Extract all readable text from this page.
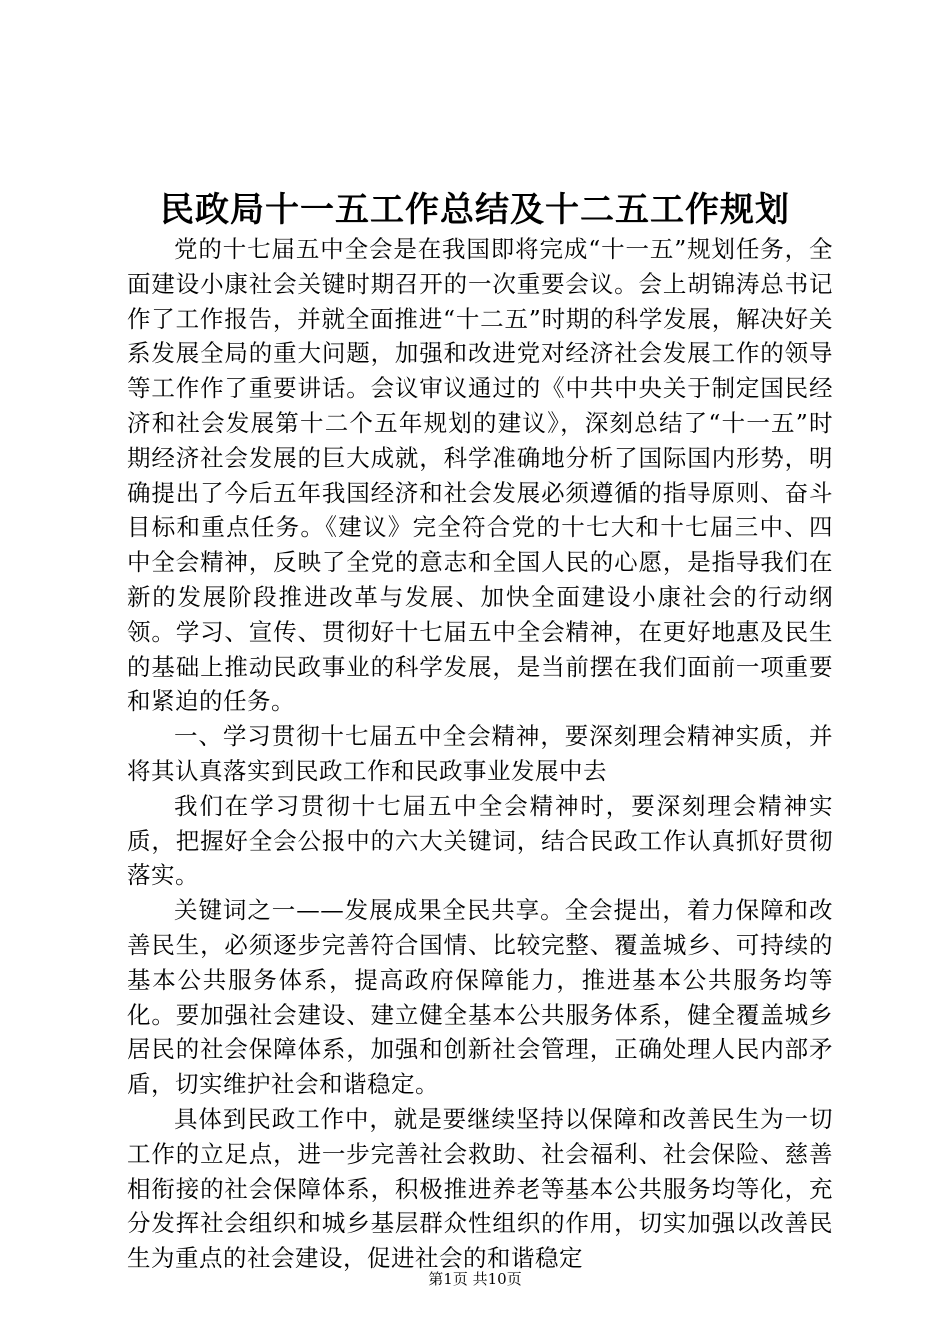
民政局十一五工作总结及十二五工作规划

党的十七届五中全会是在我国即将完成“十一五”规划任务，全面建设小康社会关键时期召开的一次重要会议。会上胡锦涛总书记作了工作报告，并就全面推进“十二五”时期的科学发展，解决好关系发展全局的重大问题，加强和改进党对经济社会发展工作的领导等工作作了重要讲话。会议审议通过的《中共中央关于制定国民经济和社会发展第十二个五年规划的建议》，深刻总结了“十一五”时期经济社会发展的巨大成就，科学准确地分析了国际国内形势，明确提出了今后五年我国经济和社会发展必须遵循的指导原则、奋斗目标和重点任务。《建议》完全符合党的十七大和十七届三中、四中全会精神，反映了全党的意志和全国人民的心愿，是指导我们在新的发展阶段推进改革与发展、加快全面建设小康社会的行动纲领。学习、宣传、贯彻好十七届五中全会精神，在更好地惠及民生的基础上推动民政事业的科学发展，是当前摆在我们面前一项重要和紧迫的任务。

一、学习贯彻十七届五中全会精神，要深刻理会精神实质，并将其认真落实到民政工作和民政事业发展中去

我们在学习贯彻十七届五中全会精神时，要深刻理会精神实质，把握好全会公报中的六大关键词，结合民政工作认真抓好贯彻落实。

关键词之一——发展成果全民共享。全会提出，着力保障和改善民生，必须逐步完善符合国情、比较完整、覆盖城乡、可持续的基本公共服务体系，提高政府保障能力，推进基本公共服务均等化。要加强社会建设、建立健全基本公共服务体系，健全覆盖城乡居民的社会保障体系，加强和创新社会管理，正确处理人民内部矛盾，切实维护社会和谐稳定。

具体到民政工作中，就是要继续坚持以保障和改善民生为一切工作的立足点，进一步完善社会救助、社会福利、社会保险、慈善相衔接的社会保障体系，积极推进养老等基本公共服务均等化，充分发挥社会组织和城乡基层群众性组织的作用，切实加强以改善民生为重点的社会建设，促进社会的和谐稳定

第1页 共10页
